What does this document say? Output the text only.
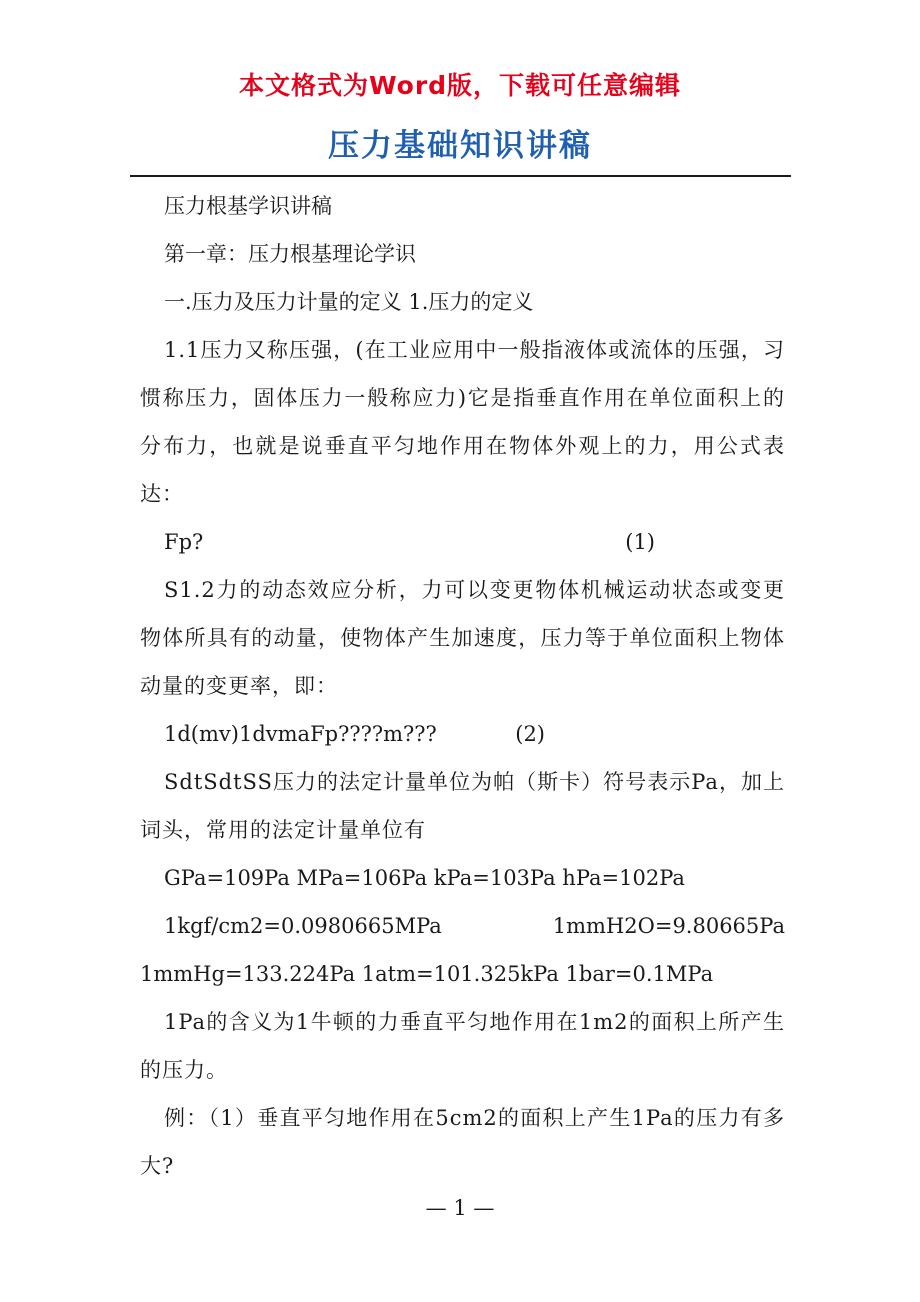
本文格式为Word版，下载可任意编辑
压力基础知识讲稿

压力根基学识讲稿

第一章：压力根基理论学识

一.压力及压力计量的定义 1.压力的定义

1.1压力又称压强，(在工业应用中一般指液体或流体的压强，习惯称压力，固体压力一般称应力)它是指垂直作用在单位面积上的分布力，也就是说垂直平匀地作用在物体外观上的力，用公式表达：

Fp?	(1)

S1.2力的动态效应分析，力可以变更物体机械运动状态或变更物体所具有的动量，使物体产生加速度，压力等于单位面积上物体动量的变更率，即：

1d(mv)1dvmaFp????m???	(2)

SdtSdtSS压力的法定计量单位为帕（斯卡）符号表示Pa，加上词头，常用的法定计量单位有

GPa=109Pa MPa=106Pa kPa=103Pa hPa=102Pa

1kgf/cm2=0.0980665MPa	1mmH2O=9.80665Pa

1mmHg=133.224Pa 1atm=101.325kPa 1bar=0.1MPa

1Pa的含义为1牛顿的力垂直平匀地作用在1m2的面积上所产生的压力。

例：（1）垂直平匀地作用在5cm2的面积上产生1Pa的压力有多大?

— 1 —
